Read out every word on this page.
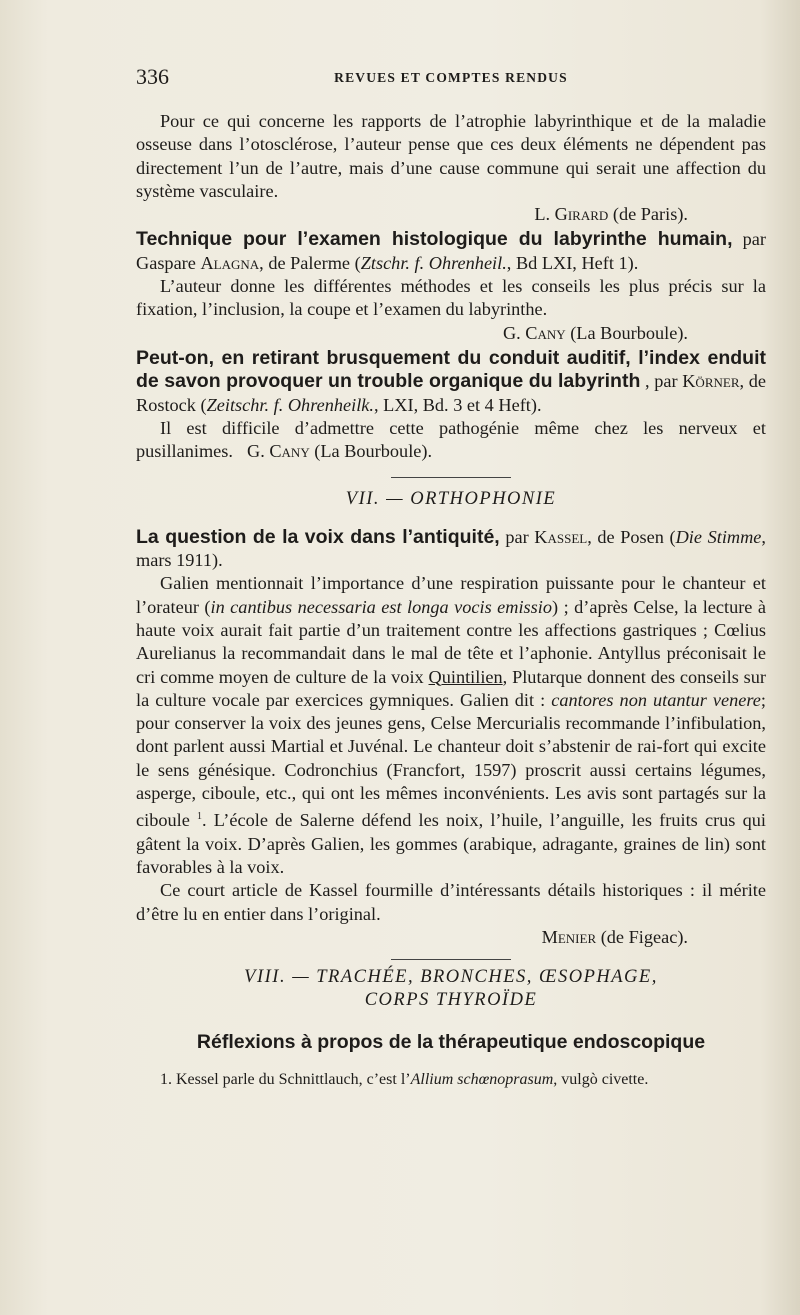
336	REVUES ET COMPTES RENDUS

Pour ce qui concerne les rapports de l’atrophie labyrinthique et de la maladie osseuse dans l’otosclérose, l’auteur pense que ces deux éléments ne dépendent pas directement l’un de l’autre, mais d’une cause commune qui serait une affection du système vasculaire.

L. Girard (de Paris).

Technique pour l’examen histologique du labyrinthe humain, par Gaspare Alagna, de Palerme (Ztschr. f. Ohrenheil., Bd LXI, Heft 1).

L’auteur donne les différentes méthodes et les conseils les plus précis sur la fixation, l’inclusion, la coupe et l’examen du labyrinthe.

G. Cany (La Bourboule).

Peut-on, en retirant brusquement du conduit auditif, l’index enduit de savon provoquer un trouble organique du labyrinth , par Körner, de Rostock (Zeitschr. f. Ohrenheilk., LXI, Bd. 3 et 4 Heft).

Il est difficile d’admettre cette pathogénie même chez les nerveux et pusillanimes. G. Cany (La Bourboule).

VII. — ORTHOPHONIE

La question de la voix dans l’antiquité, par Kassel, de Posen (Die Stimme, mars 1911).

Galien mentionnait l’importance d’une respiration puissante pour le chanteur et l’orateur (in cantibus necessaria est longa vocis emissio) ; d’après Celse, la lecture à haute voix aurait fait partie d’un traitement contre les affections gastriques ; Cœlius Aurelianus la recommandait dans le mal de tête et l’aphonie. Antyllus préconisait le cri comme moyen de culture de la voix Quintilien, Plutarque donnent des conseils sur la culture vocale par exercices gymniques. Galien dit : cantores non utantur venere; pour conserver la voix des jeunes gens, Celse Mercurialis recommande l’infibulation, dont parlent aussi Martial et Juvénal. Le chanteur doit s’abstenir de rai-fort qui excite le sens génésique. Codronchius (Francfort, 1597) proscrit aussi certains légumes, asperge, ciboule, etc., qui ont les mêmes inconvénients. Les avis sont partagés sur la ciboule $^1$. L’école de Salerne défend les noix, l’huile, l’anguille, les fruits crus qui gâtent la voix. D’après Galien, les gommes (arabique, adragante, graines de lin) sont favorables à la voix.

Ce court article de Kassel fourmille d’intéressants détails historiques : il mérite d’être lu en entier dans l’original.

Menier (de Figeac).

VIII. — TRACHÉE, BRONCHES, ŒSOPHAGE,
CORPS THYROÏDE

Réflexions à propos de la thérapeutique endoscopique

1. Kessel parle du Schnittlauch, c’est l’Allium schœnoprasum, vulgò civette.
